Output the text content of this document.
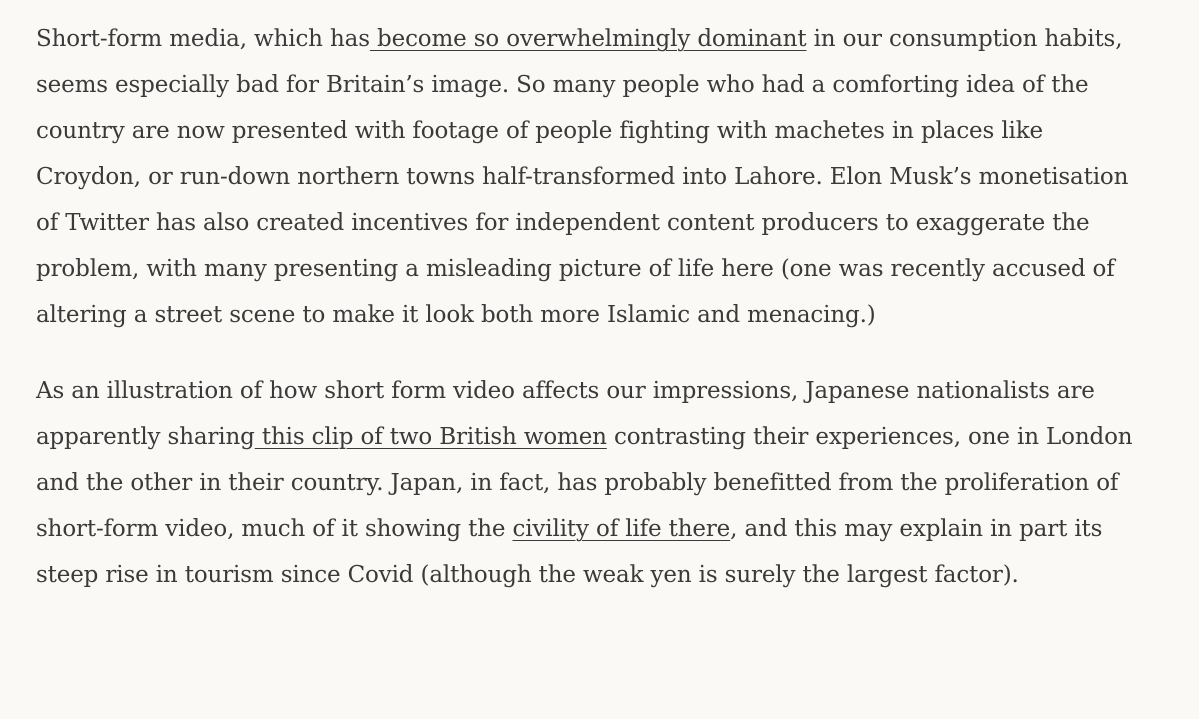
Short-form media, which has become so overwhelmingly dominant in our consumption habits, seems especially bad for Britain’s image. So many people who had a comforting idea of the country are now presented with footage of people fighting with machetes in places like Croydon, or run-down northern towns half-transformed into Lahore. Elon Musk’s monetisation of Twitter has also created incentives for independent content producers to exaggerate the problem, with many presenting a misleading picture of life here (one was recently accused of altering a street scene to make it look both more Islamic and menacing.)

As an illustration of how short form video affects our impressions, Japanese nationalists are apparently sharing this clip of two British women contrasting their experiences, one in London and the other in their country. Japan, in fact, has probably benefitted from the proliferation of short-form video, much of it showing the civility of life there, and this may explain in part its steep rise in tourism since Covid (although the weak yen is surely the largest factor).
